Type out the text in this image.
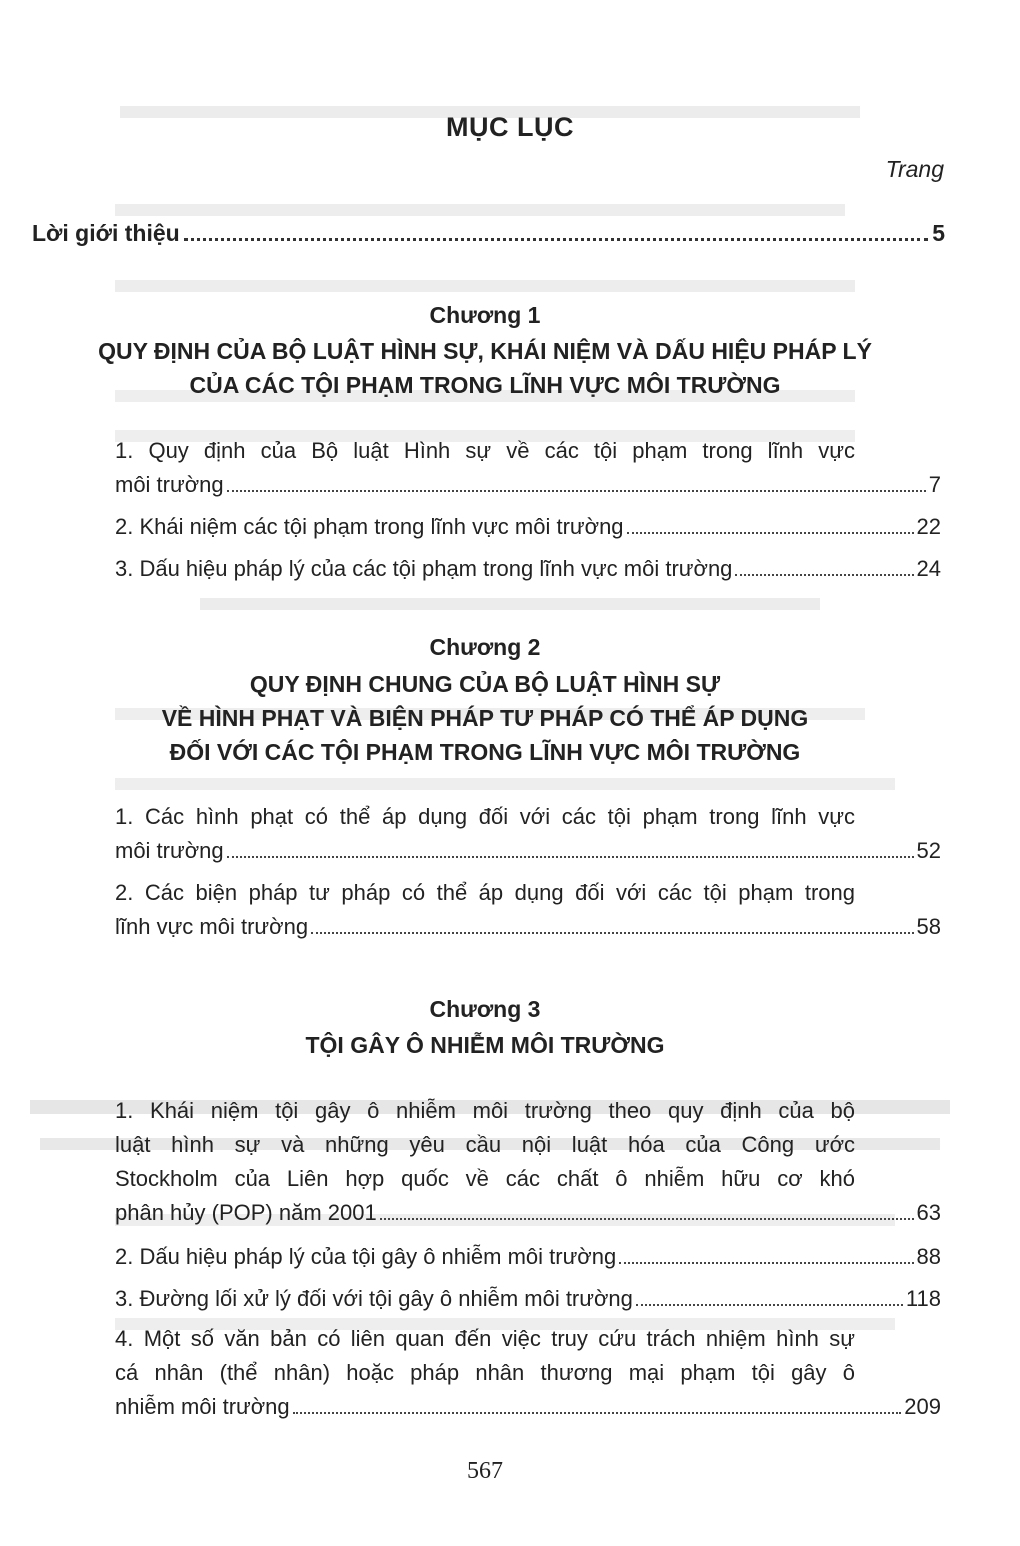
MỤC LỤC
Trang
Lời giới thiệu	5
Chương 1
QUY ĐỊNH CỦA BỘ LUẬT HÌNH SỰ, KHÁI NIỆM VÀ DẤU HIỆU PHÁP LÝ
CỦA CÁC TỘI PHẠM TRONG LĨNH VỰC MÔI TRƯỜNG
1. Quy định của Bộ luật Hình sự về các tội phạm trong lĩnh vực
môi trường	7
2. Khái niệm các tội phạm trong lĩnh vực môi trường	22
3. Dấu hiệu pháp lý của các tội phạm trong lĩnh vực môi trường	24
Chương 2
QUY ĐỊNH CHUNG CỦA BỘ LUẬT HÌNH SỰ
VỀ HÌNH PHẠT VÀ BIỆN PHÁP TƯ PHÁP CÓ THỂ ÁP DỤNG
ĐỐI VỚI CÁC TỘI PHẠM TRONG LĨNH VỰC MÔI TRƯỜNG
1. Các hình phạt có thể áp dụng đối với các tội phạm trong lĩnh vực
môi trường	52
2. Các biện pháp tư pháp có thể áp dụng đối với các tội phạm trong
lĩnh vực môi trường	58
Chương 3
TỘI GÂY Ô NHIỄM MÔI TRƯỜNG
1. Khái niệm tội gây ô nhiễm môi trường theo quy định của bộ
luật hình sự và những yêu cầu nội luật hóa của Công ước
Stockholm của Liên hợp quốc về các chất ô nhiễm hữu cơ khó
phân hủy (POP) năm 2001	63
2. Dấu hiệu pháp lý của tội gây ô nhiễm môi trường	88
3. Đường lối xử lý đối với tội gây ô nhiễm môi trường	118
4. Một số văn bản có liên quan đến việc truy cứu trách nhiệm hình sự
cá nhân (thể nhân) hoặc pháp nhân thương mại phạm tội gây ô
nhiễm môi trường	209
567
